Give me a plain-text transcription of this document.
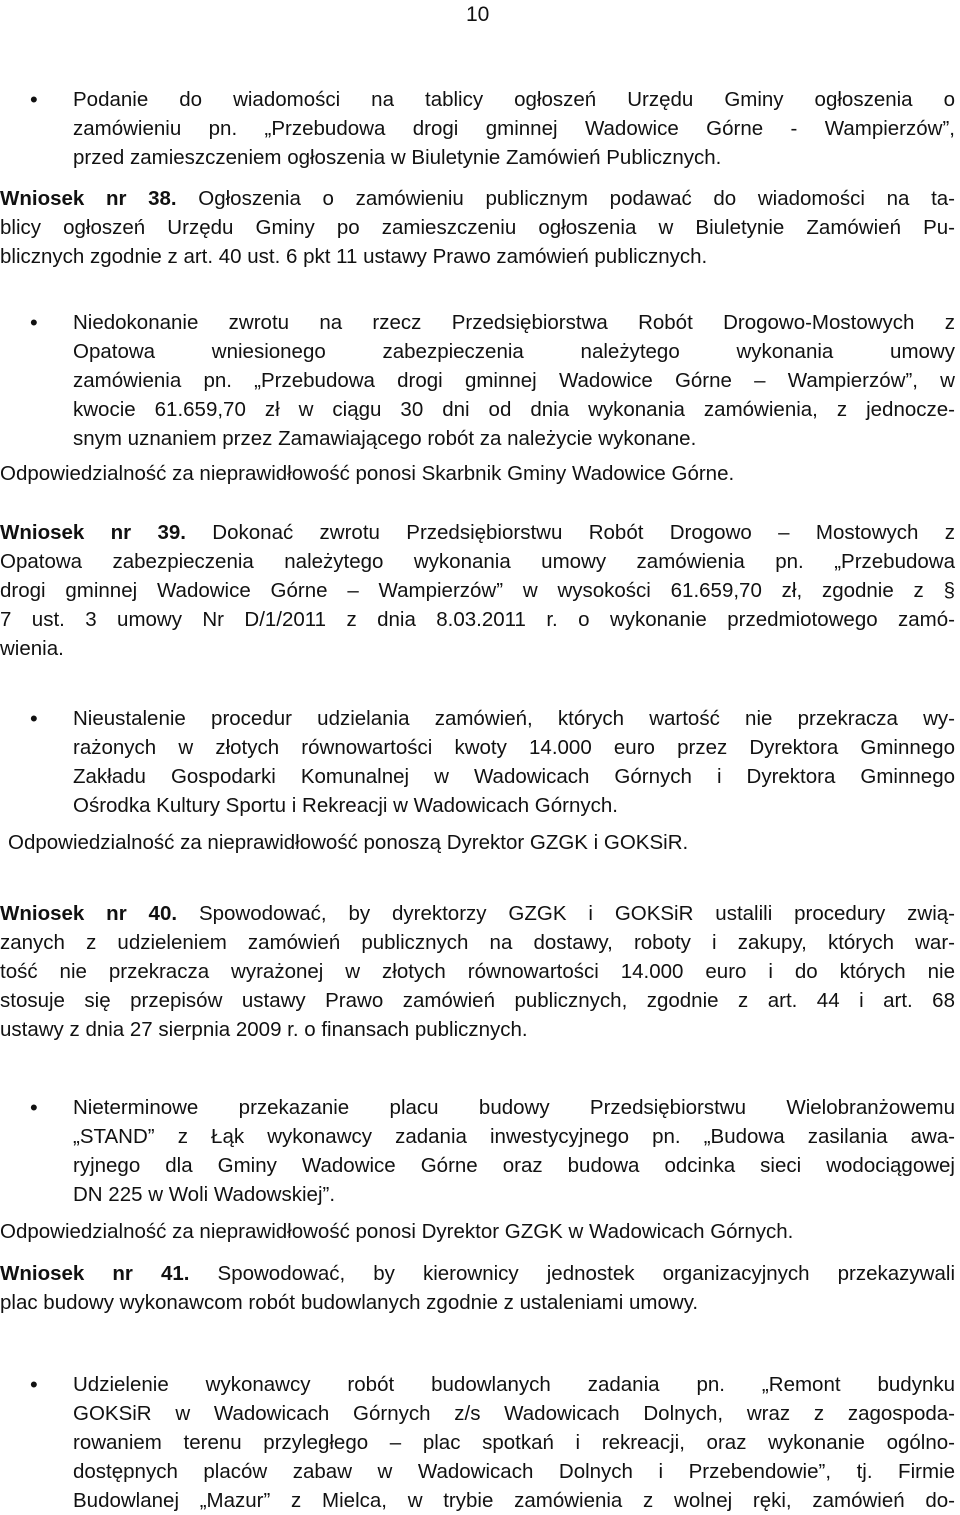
10
• Podanie do wiadomości na tablicy ogłoszeń Urzędu Gminy ogłoszenia o
zamówieniu pn. „Przebudowa drogi gminnej Wadowice Górne - Wampierzów”,
przed zamieszczeniem ogłoszenia w Biuletynie Zamówień Publicznych.
Wniosek nr 38. Ogłoszenia o zamówieniu publicznym podawać do wiadomości na ta-
blicy ogłoszeń Urzędu Gminy po zamieszczeniu ogłoszenia w Biuletynie Zamówień Pu-
blicznych zgodnie z art. 40 ust. 6 pkt 11 ustawy Prawo zamówień publicznych.
• Niedokonanie zwrotu na rzecz Przedsiębiorstwa Robót Drogowo-Mostowych z
Opatowa wniesionego zabezpieczenia należytego wykonania umowy
zamówienia pn. „Przebudowa drogi gminnej Wadowice Górne – Wampierzów”, w
kwocie 61.659,70 zł w ciągu 30 dni od dnia wykonania zamówienia, z jednocze-
snym uznaniem przez Zamawiającego robót za należycie wykonane.
Odpowiedzialność za nieprawidłowość ponosi Skarbnik Gminy Wadowice Górne.
Wniosek nr 39. Dokonać zwrotu Przedsiębiorstwu Robót Drogowo – Mostowych z
Opatowa zabezpieczenia należytego wykonania umowy zamówienia pn. „Przebudowa
drogi gminnej Wadowice Górne – Wampierzów” w wysokości 61.659,70 zł, zgodnie z §
7 ust. 3 umowy Nr D/1/2011 z dnia 8.03.2011 r. o wykonanie przedmiotowego zamó-
wienia.
• Nieustalenie procedur udzielania zamówień, których wartość nie przekracza wy-
rażonych w złotych równowartości kwoty 14.000 euro przez Dyrektora Gminnego
Zakładu Gospodarki Komunalnej w Wadowicach Górnych i Dyrektora Gminnego
Ośrodka Kultury Sportu i Rekreacji w Wadowicach Górnych.
Odpowiedzialność za nieprawidłowość ponoszą Dyrektor GZGK i GOKSiR.
Wniosek nr 40. Spowodować, by dyrektorzy GZGK i GOKSiR ustalili procedury zwią-
zanych z udzieleniem zamówień publicznych na dostawy, roboty i zakupy, których war-
tość nie przekracza wyrażonej w złotych równowartości 14.000 euro i do których nie
stosuje się przepisów ustawy Prawo zamówień publicznych, zgodnie z art. 44 i art. 68
ustawy z dnia 27 sierpnia 2009 r. o finansach publicznych.
• Nieterminowe przekazanie placu budowy Przedsiębiorstwu Wielobranżowemu
„STAND” z Łąk wykonawcy zadania inwestycyjnego pn. „Budowa zasilania awa-
ryjnego dla Gminy Wadowice Górne oraz budowa odcinka sieci wodociągowej
DN 225 w Woli Wadowskiej”.
Odpowiedzialność za nieprawidłowość ponosi Dyrektor GZGK w Wadowicach Górnych.
Wniosek nr 41. Spowodować, by kierownicy jednostek organizacyjnych przekazywali
plac budowy wykonawcom robót budowlanych zgodnie z ustaleniami umowy.
• Udzielenie wykonawcy robót budowlanych zadania pn. „Remont budynku
GOKSiR w Wadowicach Górnych z/s Wadowicach Dolnych, wraz z zagospoda-
rowaniem terenu przyległego – plac spotkań i rekreacji, oraz wykonanie ogólno-
dostępnych placów zabaw w Wadowicach Dolnych i Przebendowie”, tj. Firmie
Budowlanej „Mazur” z Mielca, w trybie zamówienia z wolnej ręki, zamówień do-
